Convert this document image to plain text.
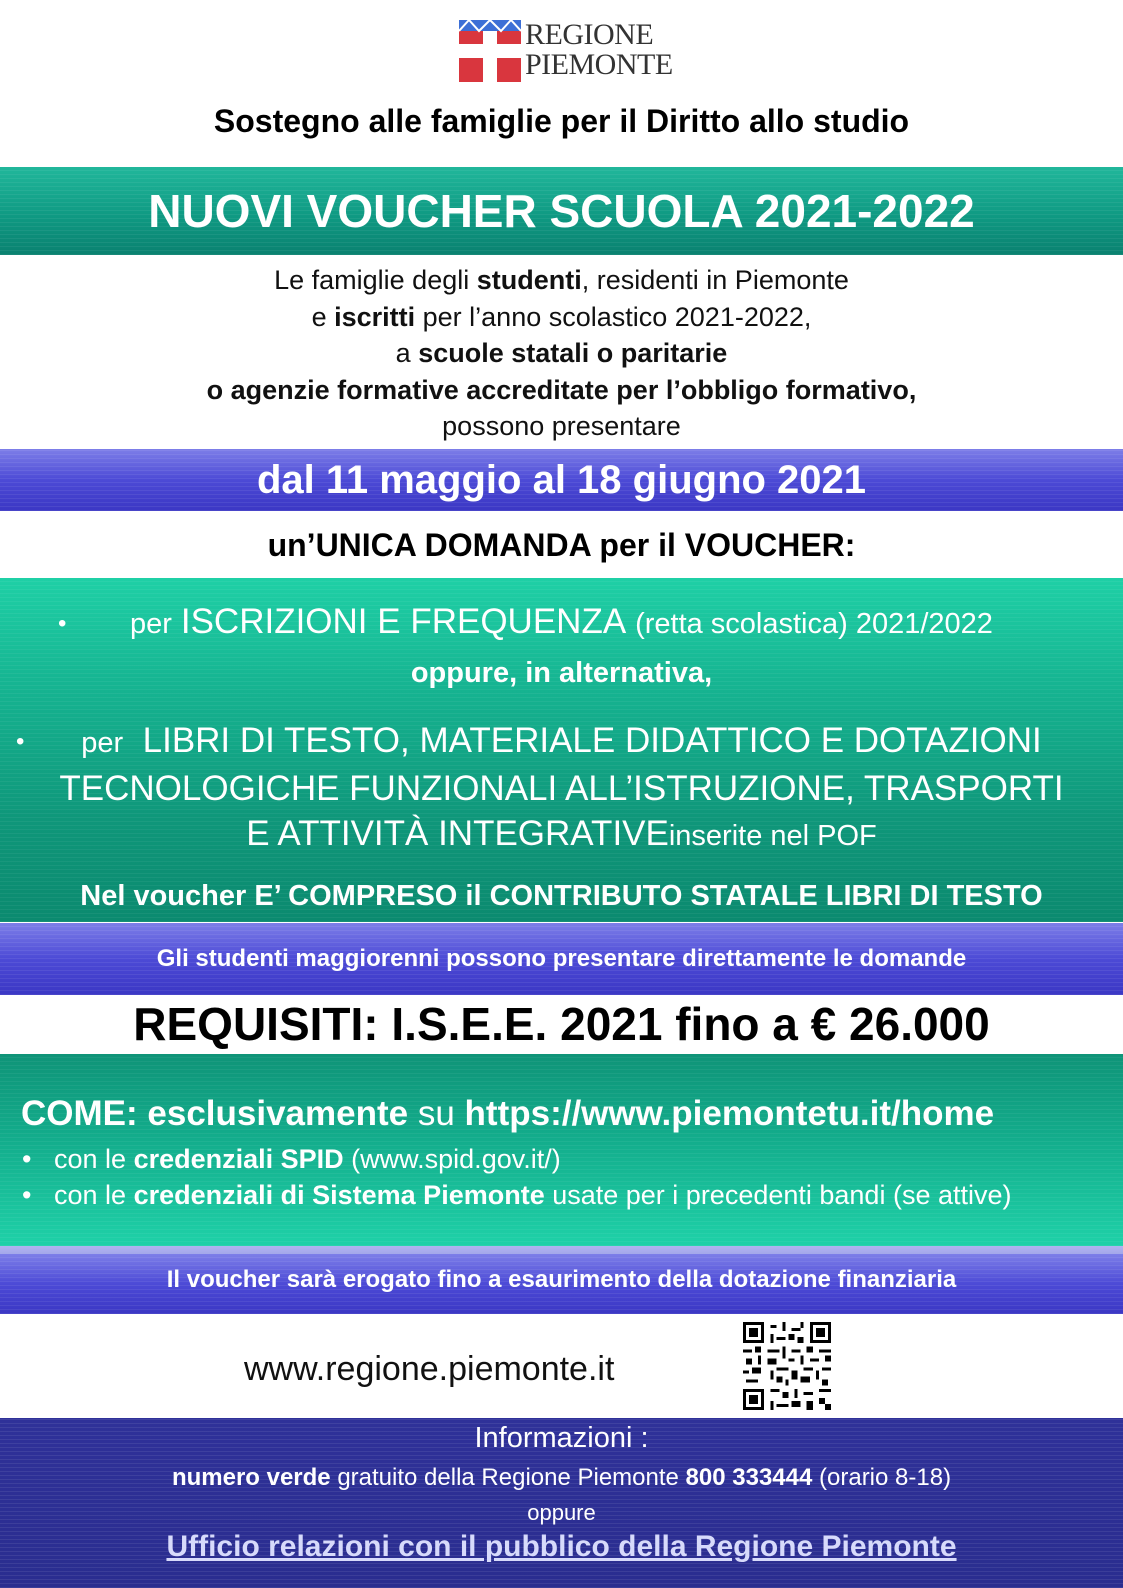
REGIONE
PIEMONTE
Sostegno alle famiglie per il Diritto allo studio
NUOVI VOUCHER SCUOLA 2021-2022
Le famiglie degli studenti, residenti in Piemonte
e iscritti per l’anno scolastico 2021-2022,
a scuole statali o paritarie
o agenzie formative accreditate per l’obbligo formativo,
possono presentare
dal 11 maggio al 18 giugno 2021
un’UNICA DOMANDA per il VOUCHER:
• per ISCRIZIONI E FREQUENZA (retta scolastica) 2021/2022
oppure, in alternativa,
•	per LIBRI DI TESTO, MATERIALE DIDATTICO E DOTAZIONI
TECNOLOGICHE FUNZIONALI ALL’ISTRUZIONE, TRASPORTI
E ATTIVITÀ INTEGRATIVEinserite nel POF
Nel voucher E’ COMPRESO il CONTRIBUTO STATALE LIBRI DI TESTO
Gli studenti maggiorenni possono presentare direttamente le domande
REQUISITI: I.S.E.E. 2021 fino a € 26.000
COME: esclusivamente su https://www.piemontetu.it/home
• con le credenziali SPID (www.spid.gov.it/)
• con le credenziali di Sistema Piemonte usate per i precedenti bandi (se attive)
Il voucher sarà erogato fino a esaurimento della dotazione finanziaria
www.regione.piemonte.it
Informazioni :
numero verde gratuito della Regione Piemonte 800 333444 (orario 8-18)
oppure
Ufficio relazioni con il pubblico della Regione Piemonte
